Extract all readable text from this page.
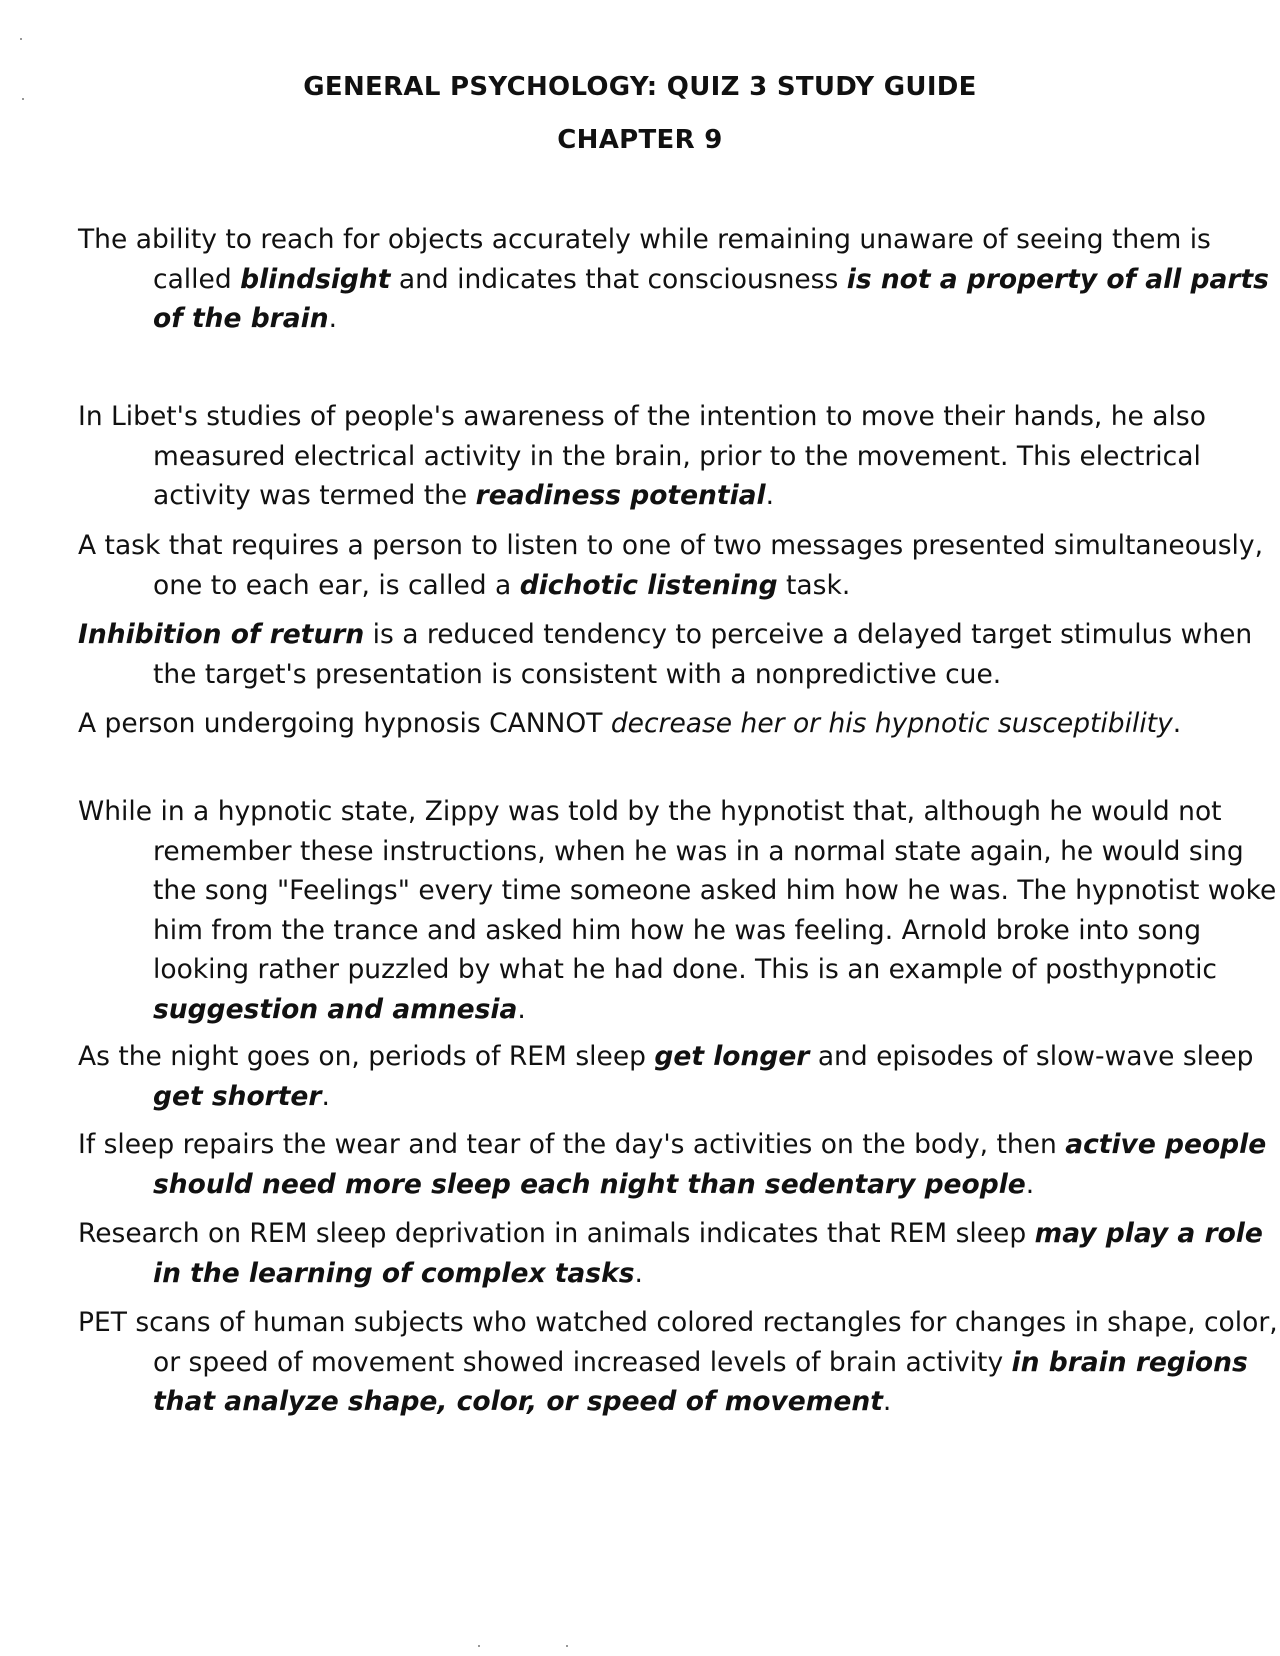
GENERAL PSYCHOLOGY: QUIZ 3 STUDY GUIDE
CHAPTER 9

The ability to reach for objects accurately while remaining unaware of seeing them is called blindsight and indicates that consciousness is not a property of all parts of the brain.

In Libet's studies of people's awareness of the intention to move their hands, he also measured electrical activity in the brain, prior to the movement. This electrical activity was termed the readiness potential.

A task that requires a person to listen to one of two messages presented simultaneously, one to each ear, is called a dichotic listening task.

Inhibition of return is a reduced tendency to perceive a delayed target stimulus when the target's presentation is consistent with a nonpredictive cue.

A person undergoing hypnosis CANNOT decrease her or his hypnotic susceptibility.

While in a hypnotic state, Zippy was told by the hypnotist that, although he would not remember these instructions, when he was in a normal state again, he would sing the song "Feelings" every time someone asked him how he was. The hypnotist woke him from the trance and asked him how he was feeling. Arnold broke into song looking rather puzzled by what he had done. This is an example of posthypnotic suggestion and amnesia.

As the night goes on, periods of REM sleep get longer and episodes of slow-wave sleep get shorter.

If sleep repairs the wear and tear of the day's activities on the body, then active people should need more sleep each night than sedentary people.

Research on REM sleep deprivation in animals indicates that REM sleep may play a role in the learning of complex tasks.

PET scans of human subjects who watched colored rectangles for changes in shape, color, or speed of movement showed increased levels of brain activity in brain regions that analyze shape, color, or speed of movement.
